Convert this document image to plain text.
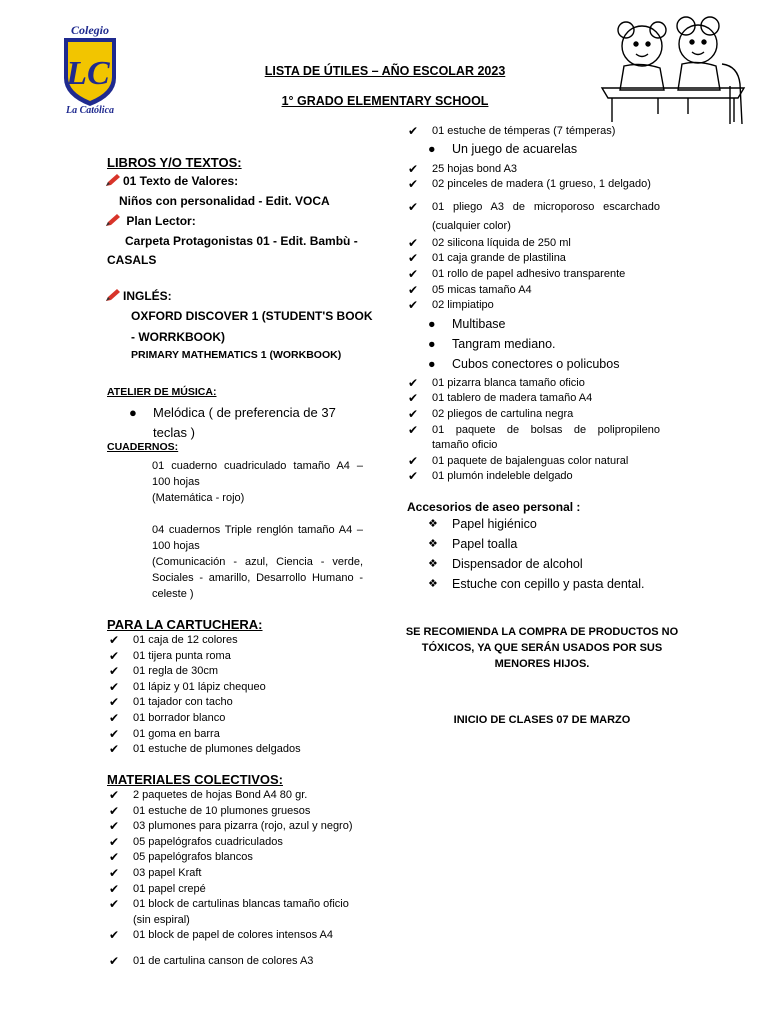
Colegio
LC
La Católica
LISTA DE ÚTILES – AÑO ESCOLAR 2023
1° GRADO ELEMENTARY SCHOOL
LIBROS Y/O TEXTOS:
01 Texto de Valores:
Niños con personalidad - Edit. VOCA
Plan Lector:
Carpeta Protagonistas 01 - Edit. Bambù -
CASALS
INGLÉS:
OXFORD DISCOVER 1 (STUDENT'S BOOK
- WORRKBOOK)
PRIMARY MATHEMATICS 1 (WORKBOOK)
ATELIER DE MÚSICA:
● Melódica ( de preferencia de 37
teclas )
CUADERNOS:
01 cuaderno cuadriculado tamaño A4 –
100 hojas
(Matemática - rojo)
04 cuadernos Triple renglón tamaño A4 –
100 hojas
(Comunicación - azul, Ciencia - verde,
Sociales - amarillo, Desarrollo Humano -
celeste )
PARA LA CARTUCHERA:
✔ 01 caja de 12 colores
✔ 01 tijera punta roma
✔ 01 regla de 30cm
✔ 01 lápiz y 01 lápiz chequeo
✔ 01 tajador con tacho
✔ 01 borrador blanco
✔ 01 goma en barra
✔ 01 estuche de plumones delgados
MATERIALES COLECTIVOS:
✔ 2 paquetes de hojas Bond A4 80 gr.
✔ 01 estuche de 10 plumones gruesos
✔ 03 plumones para pizarra (rojo, azul y negro)
✔ 05 papelógrafos cuadriculados
✔ 05 papelógrafos blancos
✔ 03 papel Kraft
✔ 01 papel crepé
✔ 01 block de cartulinas blancas tamaño oficio
(sin espiral)
✔ 01 block de papel de colores intensos A4
✔ 01 de cartulina canson de colores A3
✔ 01 estuche de témperas (7 témperas)
● Un juego de acuarelas
✔ 25 hojas bond A3
✔ 02 pinceles de madera (1 grueso, 1 delgado)
✔ 01 pliego A3 de microporoso escarchado
(cualquier color)
✔ 02 silicona líquida de 250 ml
✔ 01 caja grande de plastilina
✔ 01 rollo de papel adhesivo transparente
✔ 05 micas tamaño A4
✔ 02 limpiatipo
● Multibase
● Tangram mediano.
● Cubos conectores o policubos
✔ 01 pizarra blanca tamaño oficio
✔ 01 tablero de madera tamaño A4
✔ 02 pliegos de cartulina negra
✔ 01 paquete de bolsas de polipropileno
tamaño oficio
✔ 01 paquete de bajalenguas color natural
✔ 01 plumón indeleble delgado
Accesorios de aseo personal :
❖ Papel higiénico
❖ Papel toalla
❖ Dispensador de alcohol
❖ Estuche con cepillo y pasta dental.
SE RECOMIENDA LA COMPRA DE PRODUCTOS NO
TÓXICOS, YA QUE SERÁN USADOS POR SUS
MENORES HIJOS.
INICIO DE CLASES 07 DE MARZO
